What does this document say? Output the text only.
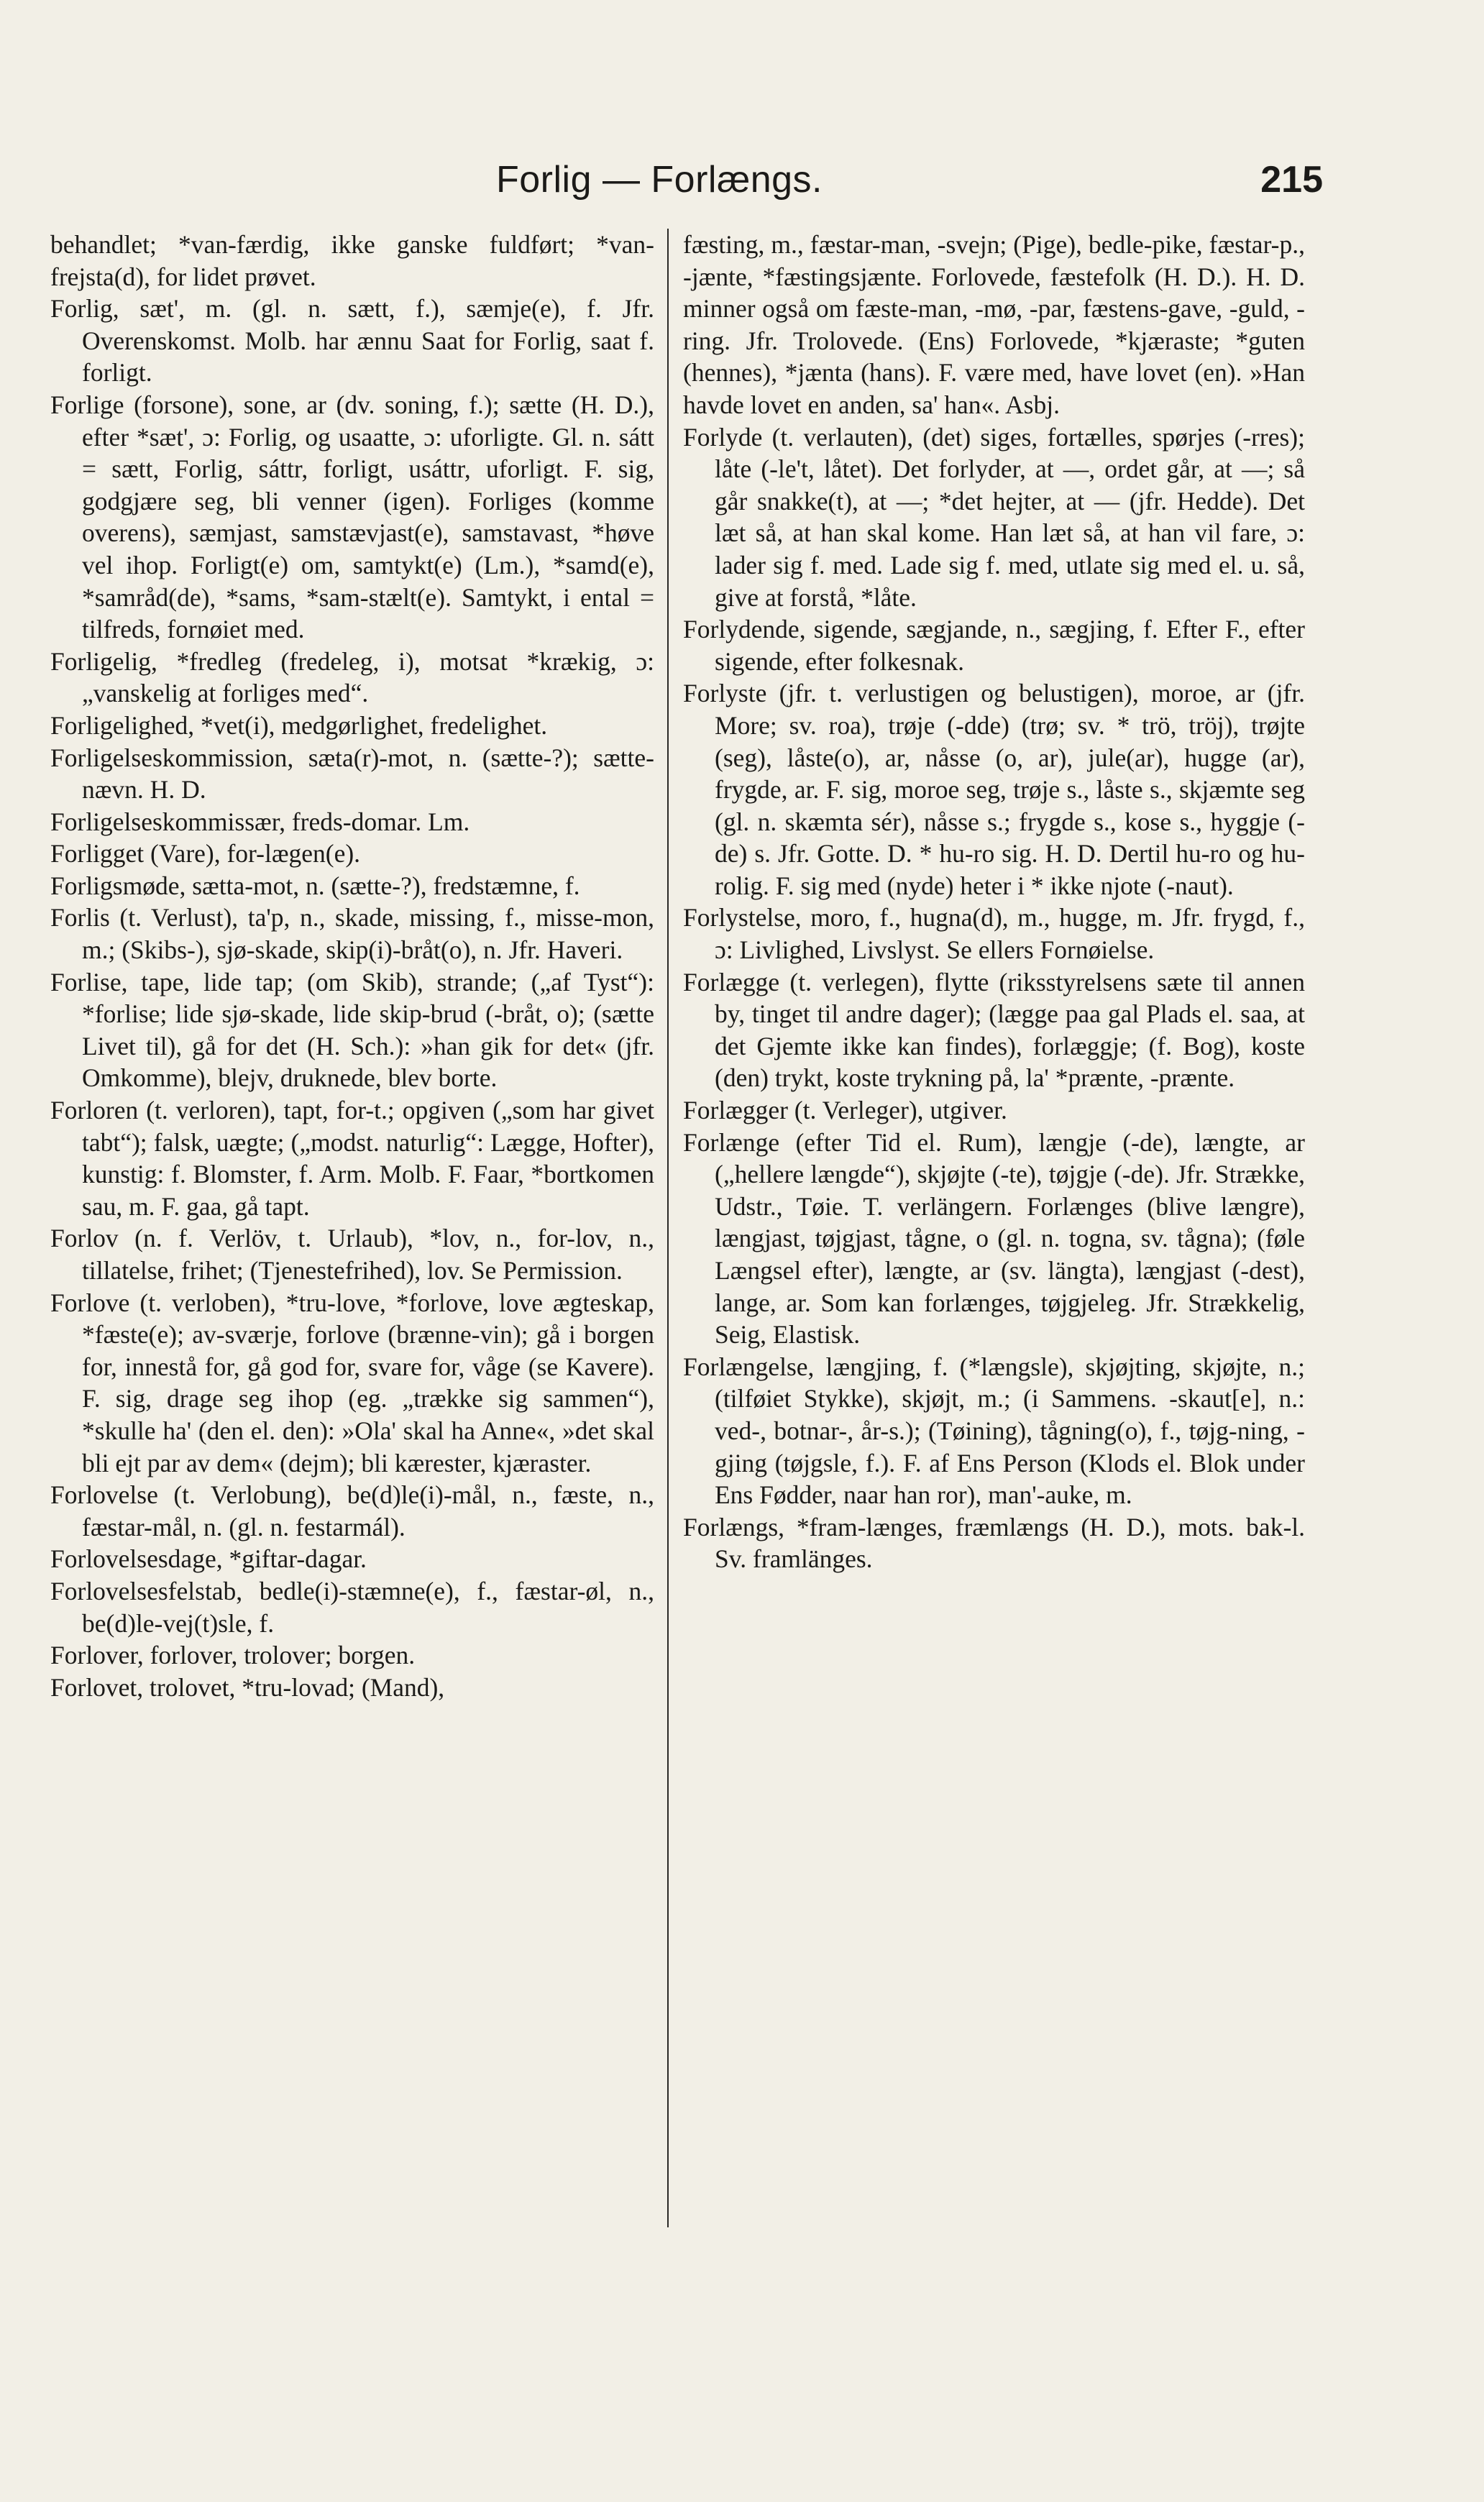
Forlig — Forlængs.	215

behandlet; *van-færdig, ikke ganske fuldført; *van-frejsta(d), for lidet prøvet.

Forlig, sæt', m. (gl. n. sætt, f.), sæmje(e), f. Jfr. Overenskomst. Molb. har ænnu Saat for Forlig, saat f. forligt.

Forlige (forsone), sone, ar (dv. soning, f.); sætte (H. D.), efter *sæt', ɔ: Forlig, og usaatte, ɔ: uforligte. Gl. n. sátt = sætt, Forlig, sáttr, forligt, usáttr, uforligt. F. sig, godgjære seg, bli venner (igen). Forliges (komme overens), sæmjast, samstævjast(e), samstavast, *høve vel ihop. Forligt(e) om, samtykt(e) (Lm.), *samd(e), *samråd(de), *sams, *sam-stælt(e). Samtykt, i ental = tilfreds, fornøiet med.

Forligelig, *fredleg (fredeleg, i), motsat *krækig, ɔ: „vanskelig at forliges med“.

Forligelighed, *vet(i), medgørlighet, fredelighet.

Forligelseskommission, sæta(r)-mot, n. (sætte-?); sætte-nævn. H. D.

Forligelseskommissær, freds-domar. Lm.

Forligget (Vare), for-lægen(e).

Forligsmøde, sætta-mot, n. (sætte-?), fredstæmne, f.

Forlis (t. Verlust), ta'p, n., skade, missing, f., misse-mon, m.; (Skibs-), sjø-skade, skip(i)-bråt(o), n. Jfr. Haveri.

Forlise, tape, lide tap; (om Skib), strande; („af Tyst“): *forlise; lide sjø-skade, lide skip-brud (-bråt, o); (sætte Livet til), gå for det (H. Sch.): »han gik for det« (jfr. Omkomme), blejv, druknede, blev borte.

Forloren (t. verloren), tapt, for-t.; opgiven („som har givet tabt“); falsk, uægte; („modst. naturlig“: Lægge, Hofter), kunstig: f. Blomster, f. Arm. Molb. F. Faar, *bortkomen sau, m. F. gaa, gå tapt.

Forlov (n. f. Verlöv, t. Urlaub), *lov, n., for-lov, n., tillatelse, frihet; (Tjenestefrihed), lov. Se Permission.

Forlove (t. verloben), *tru-love, *forlove, love ægteskap, *fæste(e); av-sværje, forlove (brænne-vin); gå i borgen for, innestå for, gå god for, svare for, våge (se Kavere). F. sig, drage seg ihop (eg. „trække sig sammen“), *skulle ha' (den el. den): »Ola' skal ha Anne«, »det skal bli ejt par av dem« (dejm); bli kærester, kjæraster.

Forlovelse (t. Verlobung), be(d)le(i)-mål, n., fæste, n., fæstar-mål, n. (gl. n. festarmál).

Forlovelsesdage, *giftar-dagar.

Forlovelsesfelstab, bedle(i)-stæmne(e), f., fæstar-øl, n., be(d)le-vej(t)sle, f.

Forlover, forlover, trolover; borgen.

Forlovet, trolovet, *tru-lovad; (Mand),

fæsting, m., fæstar-man, -svejn; (Pige), bedle-pike, fæstar-p., -jænte, *fæstingsjænte. Forlovede, fæstefolk (H. D.). H. D. minner også om fæste-man, -mø, -par, fæstens-gave, -guld, -ring. Jfr. Trolovede. (Ens) Forlovede, *kjæraste; *guten (hennes), *jænta (hans). F. være med, have lovet (en). »Han havde lovet en anden, sa' han«. Asbj.

Forlyde (t. verlauten), (det) siges, fortælles, spørjes (-rres); låte (-le't, låtet). Det forlyder, at —, ordet går, at —; så går snakke(t), at —; *det hejter, at — (jfr. Hedde). Det læt så, at han skal kome. Han læt så, at han vil fare, ɔ: lader sig f. med. Lade sig f. med, utlate sig med el. u. så, give at forstå, *låte.

Forlydende, sigende, sægjande, n., sægjing, f. Efter F., efter sigende, efter folkesnak.

Forlyste (jfr. t. verlustigen og belustigen), moroe, ar (jfr. More; sv. roa), trøje (-dde) (trø; sv. * trö, tröj), trøjte (seg), låste(o), ar, nåsse (o, ar), jule(ar), hugge (ar), frygde, ar. F. sig, moroe seg, trøje s., låste s., skjæmte seg (gl. n. skæmta sér), nåsse s.; frygde s., kose s., hyggje (-de) s. Jfr. Gotte. D. * hu-ro sig. H. D. Dertil hu-ro og hu-rolig. F. sig med (nyde) heter i * ikke njote (-naut).

Forlystelse, moro, f., hugna(d), m., hugge, m. Jfr. frygd, f., ɔ: Livlighed, Livslyst. Se ellers Fornøielse.

Forlægge (t. verlegen), flytte (riksstyrelsens sæte til annen by, tinget til andre dager); (lægge paa gal Plads el. saa, at det Gjemte ikke kan findes), forlæggje; (f. Bog), koste (den) trykt, koste trykning på, la' *prænte, -prænte.

Forlægger (t. Verleger), utgiver.

Forlænge (efter Tid el. Rum), længje (-de), længte, ar („hellere længde“), skjøjte (-te), tøjgje (-de). Jfr. Strække, Udstr., Tøie. T. verlängern. Forlænges (blive længre), længjast, tøjgjast, tågne, o (gl. n. togna, sv. tågna); (føle Længsel efter), længte, ar (sv. längta), længjast (-dest), lange, ar. Som kan forlænges, tøjgjeleg. Jfr. Strækkelig, Seig, Elastisk.

Forlængelse, længjing, f. (*længsle), skjøjting, skjøjte, n.; (tilføiet Stykke), skjøjt, m.; (i Sammens. -skaut[e], n.: ved-, botnar-, år-s.); (Tøining), tågning(o), f., tøjg-ning, -gjing (tøjgsle, f.). F. af Ens Person (Klods el. Blok under Ens Fødder, naar han ror), man'-auke, m.

Forlængs, *fram-længes, fræmlængs (H. D.), mots. bak-l. Sv. framlänges.
